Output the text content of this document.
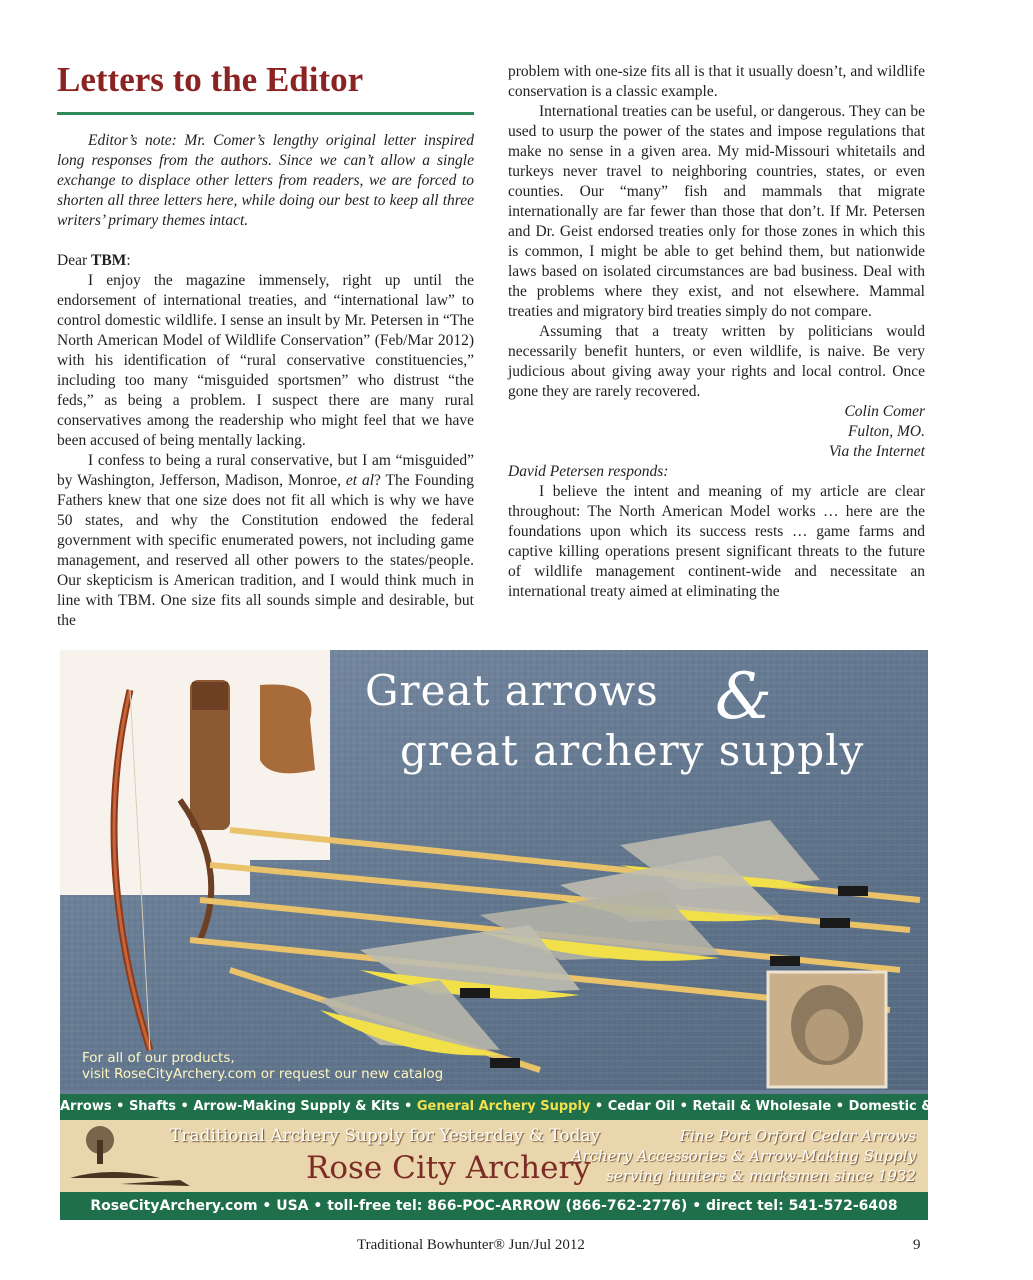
Letters to the Editor

Editor’s note: Mr. Comer’s lengthy original letter inspired long responses from the authors. Since we can’t allow a single exchange to displace other letters from readers, we are forced to shorten all three letters here, while doing our best to keep all three writers’ primary themes intact.

Dear TBM:

I enjoy the magazine immensely, right up until the endorsement of international treaties, and “international law” to control domestic wildlife. I sense an insult by Mr. Petersen in “The North American Model of Wildlife Conservation” (Feb/Mar 2012) with his identification of “rural conservative constituencies,” including too many “misguided sportsmen” who distrust “the feds,” as being a problem. I suspect there are many rural conservatives among the readership who might feel that we have been accused of being mentally lacking.

I confess to being a rural conservative, but I am “misguided” by Washington, Jefferson, Madison, Monroe, et al? The Founding Fathers knew that one size does not fit all which is why we have 50 states, and why the Constitution endowed the federal government with specific enumerated powers, not including game management, and reserved all other powers to the states/people. Our skepticism is American tradition, and I would think much in line with TBM. One size fits all sounds simple and desirable, but the

problem with one-size fits all is that it usually doesn’t, and wildlife conservation is a classic example.

International treaties can be useful, or dangerous. They can be used to usurp the power of the states and impose regulations that make no sense in a given area. My mid-Missouri whitetails and turkeys never travel to neighboring countries, states, or even counties. Our “many” fish and mammals that migrate internationally are far fewer than those that don’t. If Mr. Petersen and Dr. Geist endorsed treaties only for those zones in which this is common, I might be able to get behind them, but nationwide laws based on isolated circumstances are bad business. Deal with the problems where they exist, and not elsewhere. Mammal treaties and migratory bird treaties simply do not compare.

Assuming that a treaty written by politicians would necessarily benefit hunters, or even wildlife, is naive. Be very judicious about giving away your rights and local control. Once gone they are rarely recovered.

Colin Comer

Fulton, MO.

Via the Internet

David Petersen responds:

I believe the intent and meaning of my article are clear throughout: The North American Model works … here are the foundations upon which its success rests … game farms and captive killing operations present significant threats to the future of wildlife management continent-wide and necessitate an international treaty aimed at eliminating the

Great arrows &
great archery supply
For all of our products,
visit RoseCityArchery.com or request our new catalog
Arrows • Shafts • Arrow-Making Supply & Kits • General Archery Supply • Cedar Oil • Retail & Wholesale • Domestic & International
Traditional Archery Supply for Yesterday & Today
Rose City Archery
Fine Port Orford Cedar Arrows
Archery Accessories & Arrow-Making Supply
serving hunters & marksmen since 1932
RoseCityArchery.com • USA • toll-free tel: 866-POC-ARROW (866-762-2776) • direct tel: 541-572-6408
Traditional Bowhunter® Jun/Jul 2012	9
